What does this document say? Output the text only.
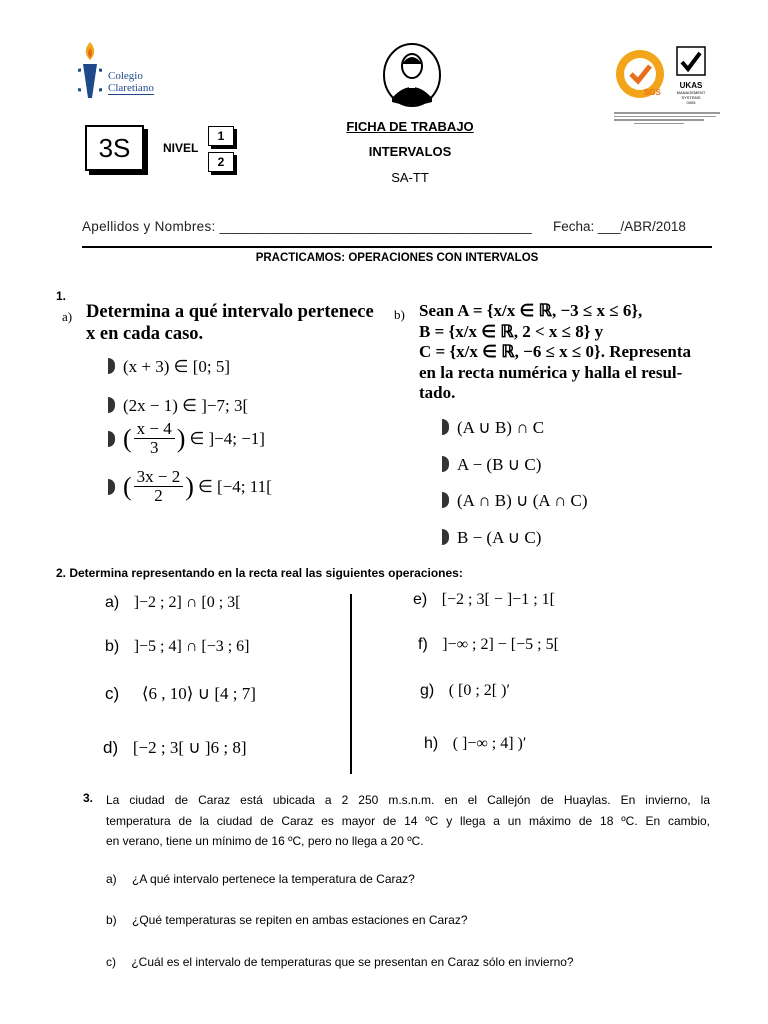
Colegio
Claretiano	SGS
UKAS
MANAGEMENT
SYSTEMS
0005
3S	NIVEL
1
2
FICHA DE TRABAJO
INTERVALOS
SA-TT
Apellidos y Nombres: ________________________________________ Fecha: ___/ABR/2018
PRACTICAMOS: OPERACIONES CON INTERVALOS
1.
a) Determina a qué intervalo pertenece
x en cada caso.
(x + 3) ∈ [0; 5]
(2x − 1) ∈ ]−7; 3[
( $\frac{x - 4}{3}$ ) ∈ ]−4; −1]
( $\frac{3x - 2}{2}$ ) ∈ [−4; 11[
b) Sean A = {x/x ∈ ℝ, −3 ≤ x ≤ 6},
B = {x/x ∈ ℝ, 2 < x ≤ 8} y
C = {x/x ∈ ℝ, −6 ≤ x ≤ 0}. Representa
en la recta numérica y halla el resul-
tado.
(A ∪ B) ∩ C
A − (B ∪ C)
(A ∩ B) ∪ (A ∩ C)
B − (A ∪ C)
2. Determina representando en la recta real las siguientes operaciones:
a) ]−2 ; 2] ∩ [0 ; 3[
b) ]−5 ; 4] ∩ [−3 ; 6]
c) ⟨6 , 10⟩ ∪ [4 ; 7]
d) [−2 ; 3[ ∪ ]6 ; 8]
e) [−2 ; 3[ − ]−1 ; 1[
f) ]−∞ ; 2] − [−5 ; 5[
g) ( [0 ; 2[ )′
h) ( ]−∞ ; 4] )′
3. La ciudad de Caraz está ubicada a 2 250 m.s.n.m. en el Callejón de Huaylas. En invierno, la
temperatura de la ciudad de Caraz es mayor de 14 ºC y llega a un máximo de 18 ºC. En cambio,
en verano, tiene un mínimo de 16 ºC, pero no llega a 20 ºC.
a) ¿A qué intervalo pertenece la temperatura de Caraz?
b) ¿Qué temperaturas se repiten en ambas estaciones en Caraz?
c) ¿Cuál es el intervalo de temperaturas que se presentan en Caraz sólo en invierno?
